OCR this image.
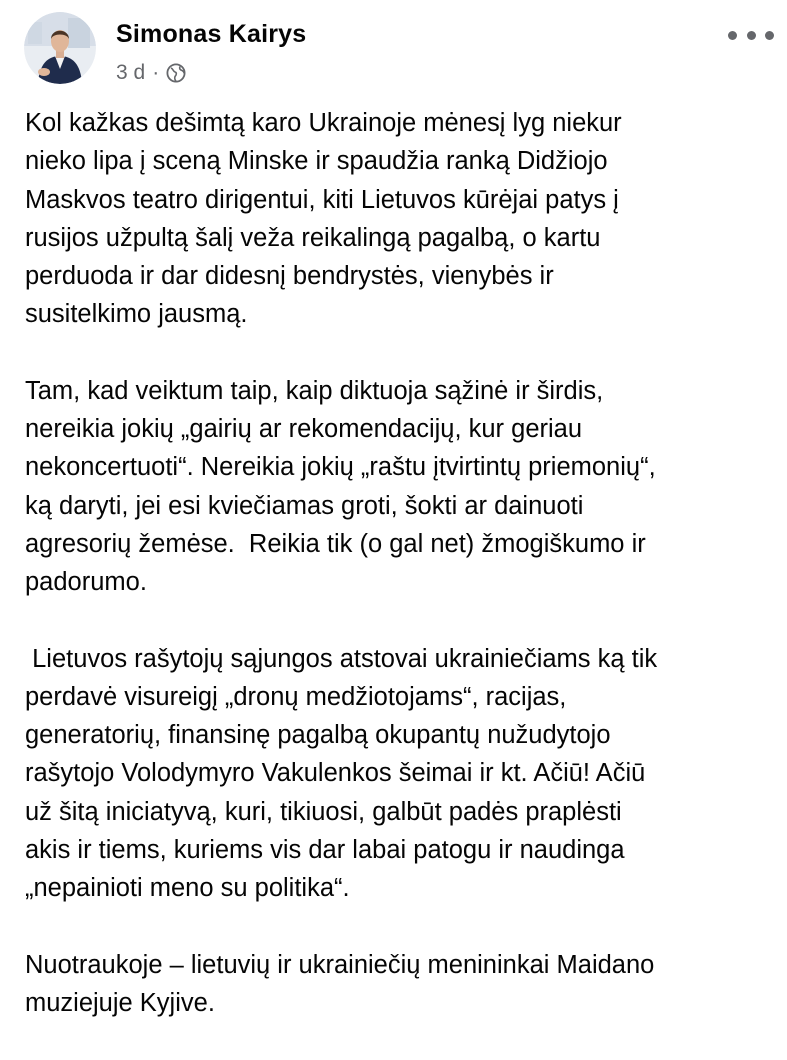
Simonas Kairys
3 d ·

Kol kažkas dešimtą karo Ukrainoje mėnesį lyg niekur
nieko lipa į sceną Minske ir spaudžia ranką Didžiojo
Maskvos teatro dirigentui, kiti Lietuvos kūrėjai patys į
rusijos užpultą šalį veža reikalingą pagalbą, o kartu
perduoda ir dar didesnį bendrystės, vienybės ir
susitelkimo jausmą.

Tam, kad veiktum taip, kaip diktuoja sąžinė ir širdis,
nereikia jokių „gairių ar rekomendacijų, kur geriau
nekoncertuoti“. Nereikia jokių „raštu įtvirtintų priemonių“,
ką daryti, jei esi kviečiamas groti, šokti ar dainuoti
agresorių žemėse.  Reikia tik (o gal net) žmogiškumo ir
padorumo.

Lietuvos rašytojų sąjungos atstovai ukrainiečiams ką tik
perdavė visureigį „dronų medžiotojams“, racijas,
generatorių, finansinę pagalbą okupantų nužudytojo
rašytojo Volodymyro Vakulenkos šeimai ir kt. Ačiū! Ačiū
už šitą iniciatyvą, kuri, tikiuosi, galbūt padės praplėsti
akis ir tiems, kuriems vis dar labai patogu ir naudinga
„nepainioti meno su politika“.

Nuotraukoje – lietuvių ir ukrainiečių menininkai Maidano
muziejuje Kyjive.
